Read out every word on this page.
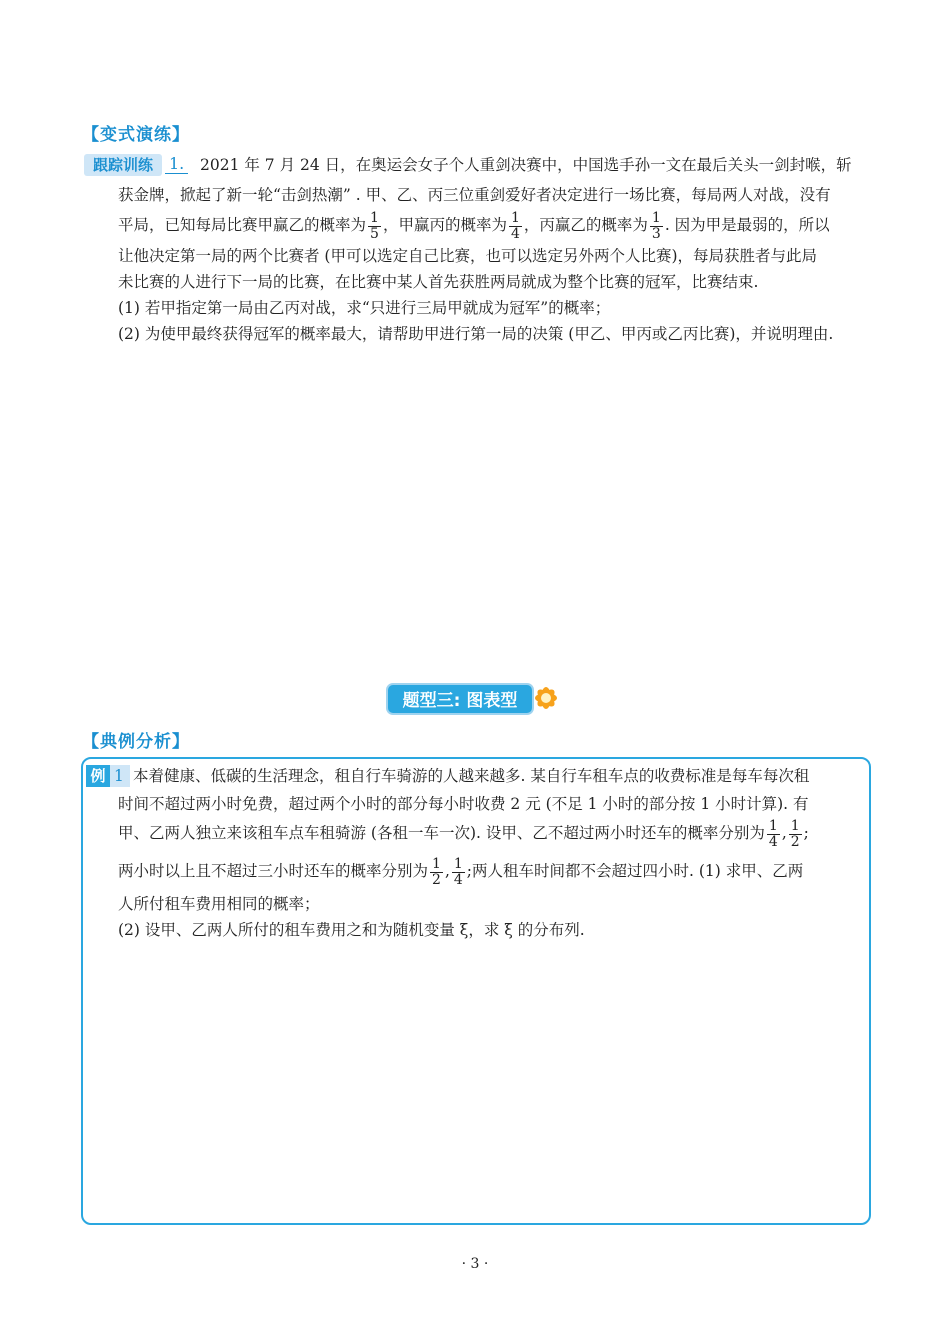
【变式演练】
跟踪训练	1. 2021 年 7 月 24 日，在奥运会女子个人重剑决赛中，中国选手孙一文在最后关头一剑封喉，斩
获金牌，掀起了新一轮“击剑热潮” . 甲、乙、丙三位重剑爱好者决定进行一场比赛，每局两人对战，没有
平局，已知每局比赛甲赢乙的概率为 $\frac{1}{5}$ ，甲赢丙的概率为 $\frac{1}{4}$ ，丙赢乙的概率为 $\frac{1}{3}$ . 因为甲是最弱的，所以
让他决定第一局的两个比赛者 (甲可以选定自己比赛，也可以选定另外两个人比赛)，每局获胜者与此局
未比赛的人进行下一局的比赛，在比赛中某人首先获胜两局就成为整个比赛的冠军，比赛结束.
(1) 若甲指定第一局由乙丙对战，求“只进行三局甲就成为冠军”的概率；
(2) 为使甲最终获得冠军的概率最大，请帮助甲进行第一局的决策 (甲乙、甲丙或乙丙比赛)，并说明理由.
题型三: 图表型
【典例分析】
例 1 本着健康、低碳的生活理念，租自行车骑游的人越来越多. 某自行车租车点的收费标准是每车每次租
时间不超过两小时免费，超过两个小时的部分每小时收费 2 元 (不足 1 小时的部分按 1 小时计算). 有
甲、乙两人独立来该租车点车租骑游 (各租一车一次). 设甲、乙不超过两小时还车的概率分别为 $\frac{1}{4}$ , $\frac{1}{2}$ ;
两小时以上且不超过三小时还车的概率分别为 $\frac{1}{2}$ , $\frac{1}{4}$ ;两人租车时间都不会超过四小时. (1) 求甲、乙两
人所付租车费用相同的概率；
(2) 设甲、乙两人所付的租车费用之和为随机变量 ξ，求 ξ 的分布列.
· 3 ·
